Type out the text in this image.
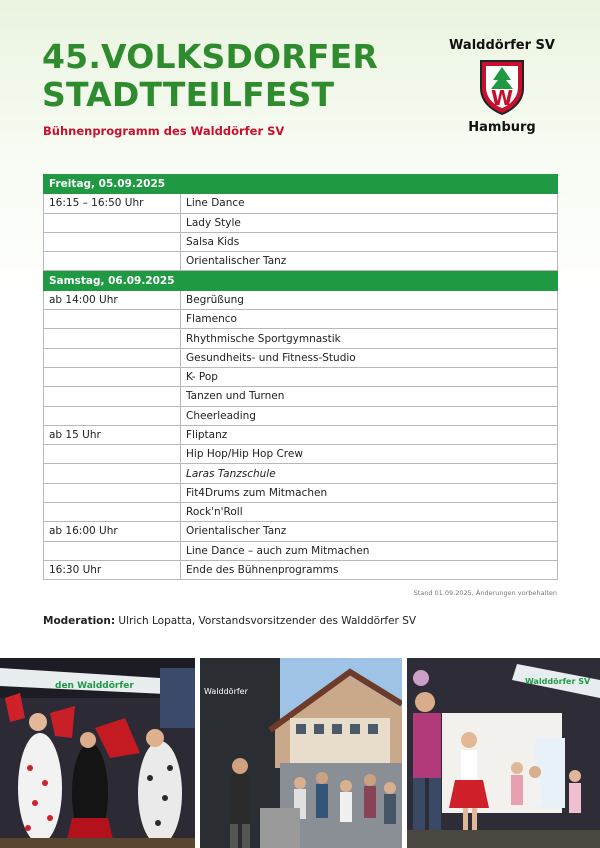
45.VOLKSDORFER
STADTTEILFEST
Bühnenprogramm des Walddörfer SV
Walddörfer SV
W
Hamburg
Freitag, 05.09.2025	
16:15 – 16:50 Uhr	Line Dance
	Lady Style
	Salsa Kids
	Orientalischer Tanz
Samstag, 06.09.2025	
ab 14:00 Uhr	Begrüßung
	Flamenco
	Rhythmische Sportgymnastik
	Gesundheits- und Fitness-Studio
	K- Pop
	Tanzen und Turnen
	Cheerleading
ab 15 Uhr	Fliptanz
	Hip Hop/Hip Hop Crew
	Laras Tanzschule
	Fit4Drums zum Mitmachen
	Rock'n'Roll
ab 16:00 Uhr	Orientalischer Tanz
	Line Dance – auch zum Mitmachen
16:30 Uhr	Ende des Bühnenprogramms
Stand 01.09.2025, Änderungen vorbehalten
Moderation: Ulrich Lopatta, Vorstandsvorsitzender des Walddörfer SV
den Walddörfer
Walddörfer
Walddörfer SV
